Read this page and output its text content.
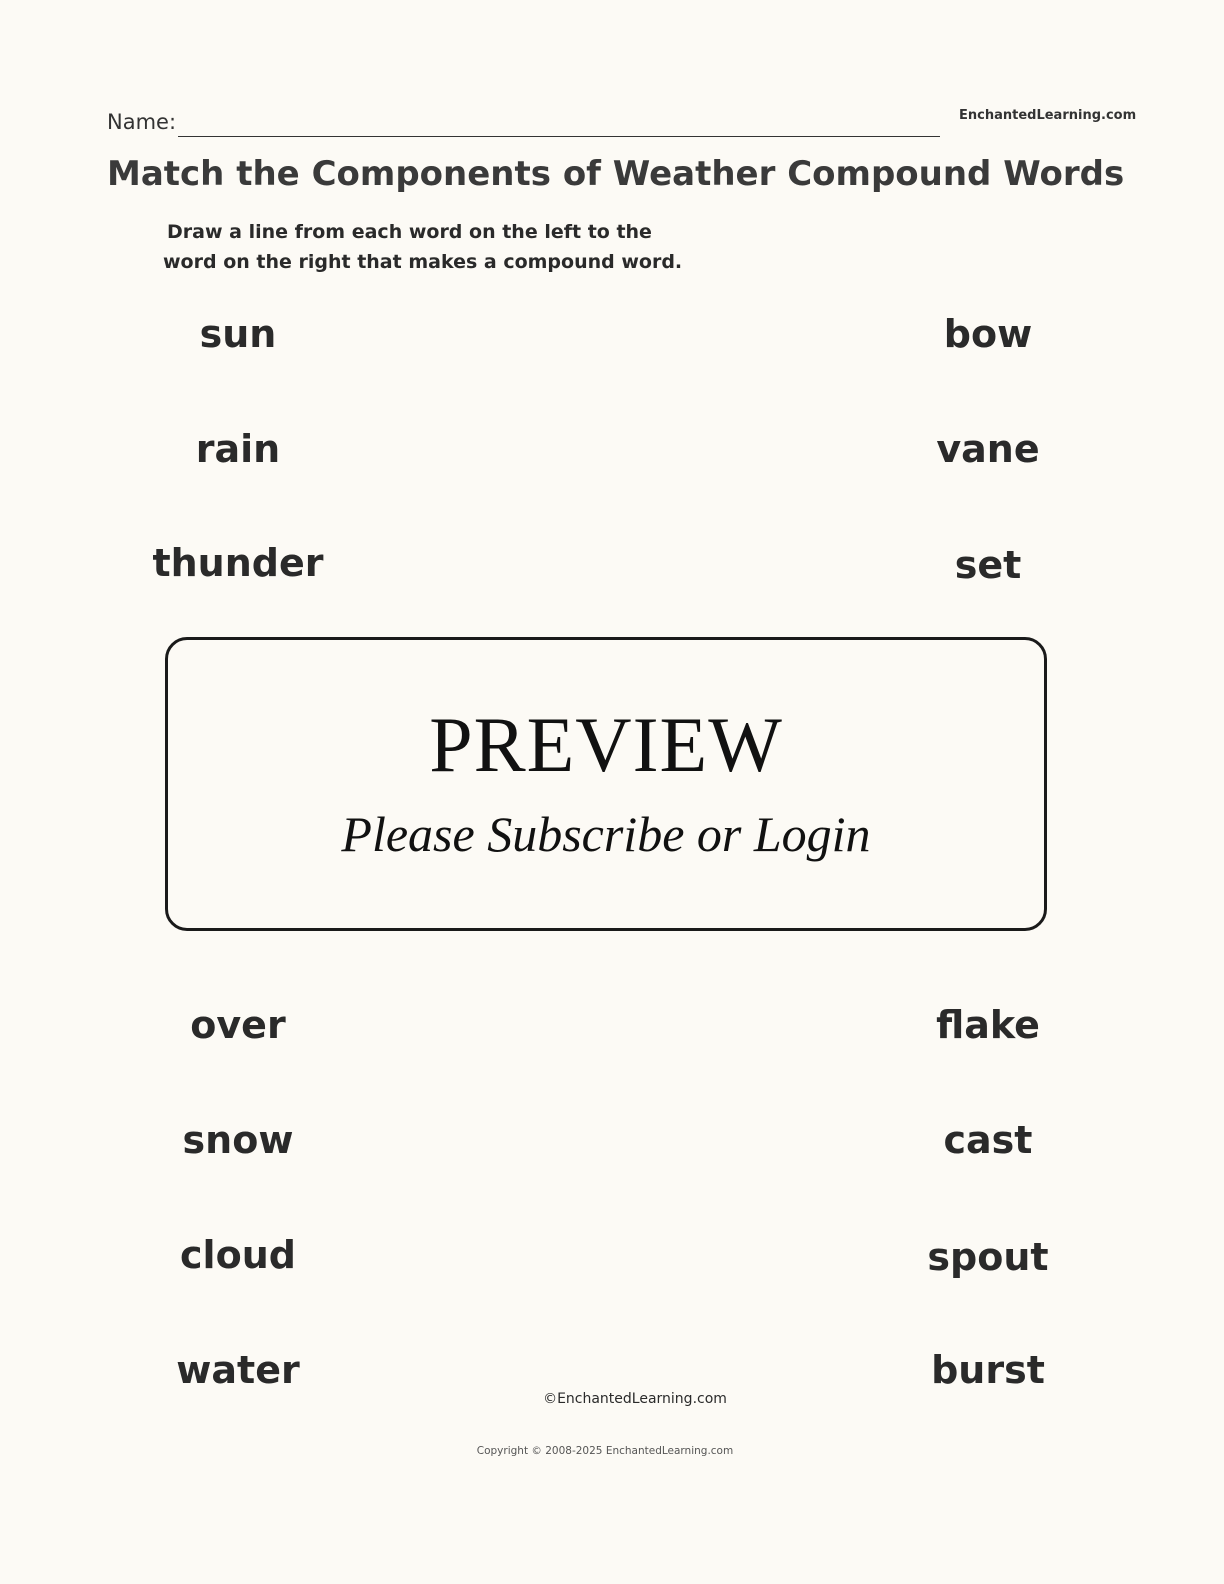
Name:	EnchantedLearning.com
Match the Components of Weather Compound Words
Draw a line from each word on the left to the
word on the right that makes a compound word.
sun
rain
thunder
over
snow
cloud
water
bow
vane
set
flake
cast
spout
burst
PREVIEW
Please Subscribe or Login
©EnchantedLearning.com
Copyright © 2008-2025 EnchantedLearning.com
